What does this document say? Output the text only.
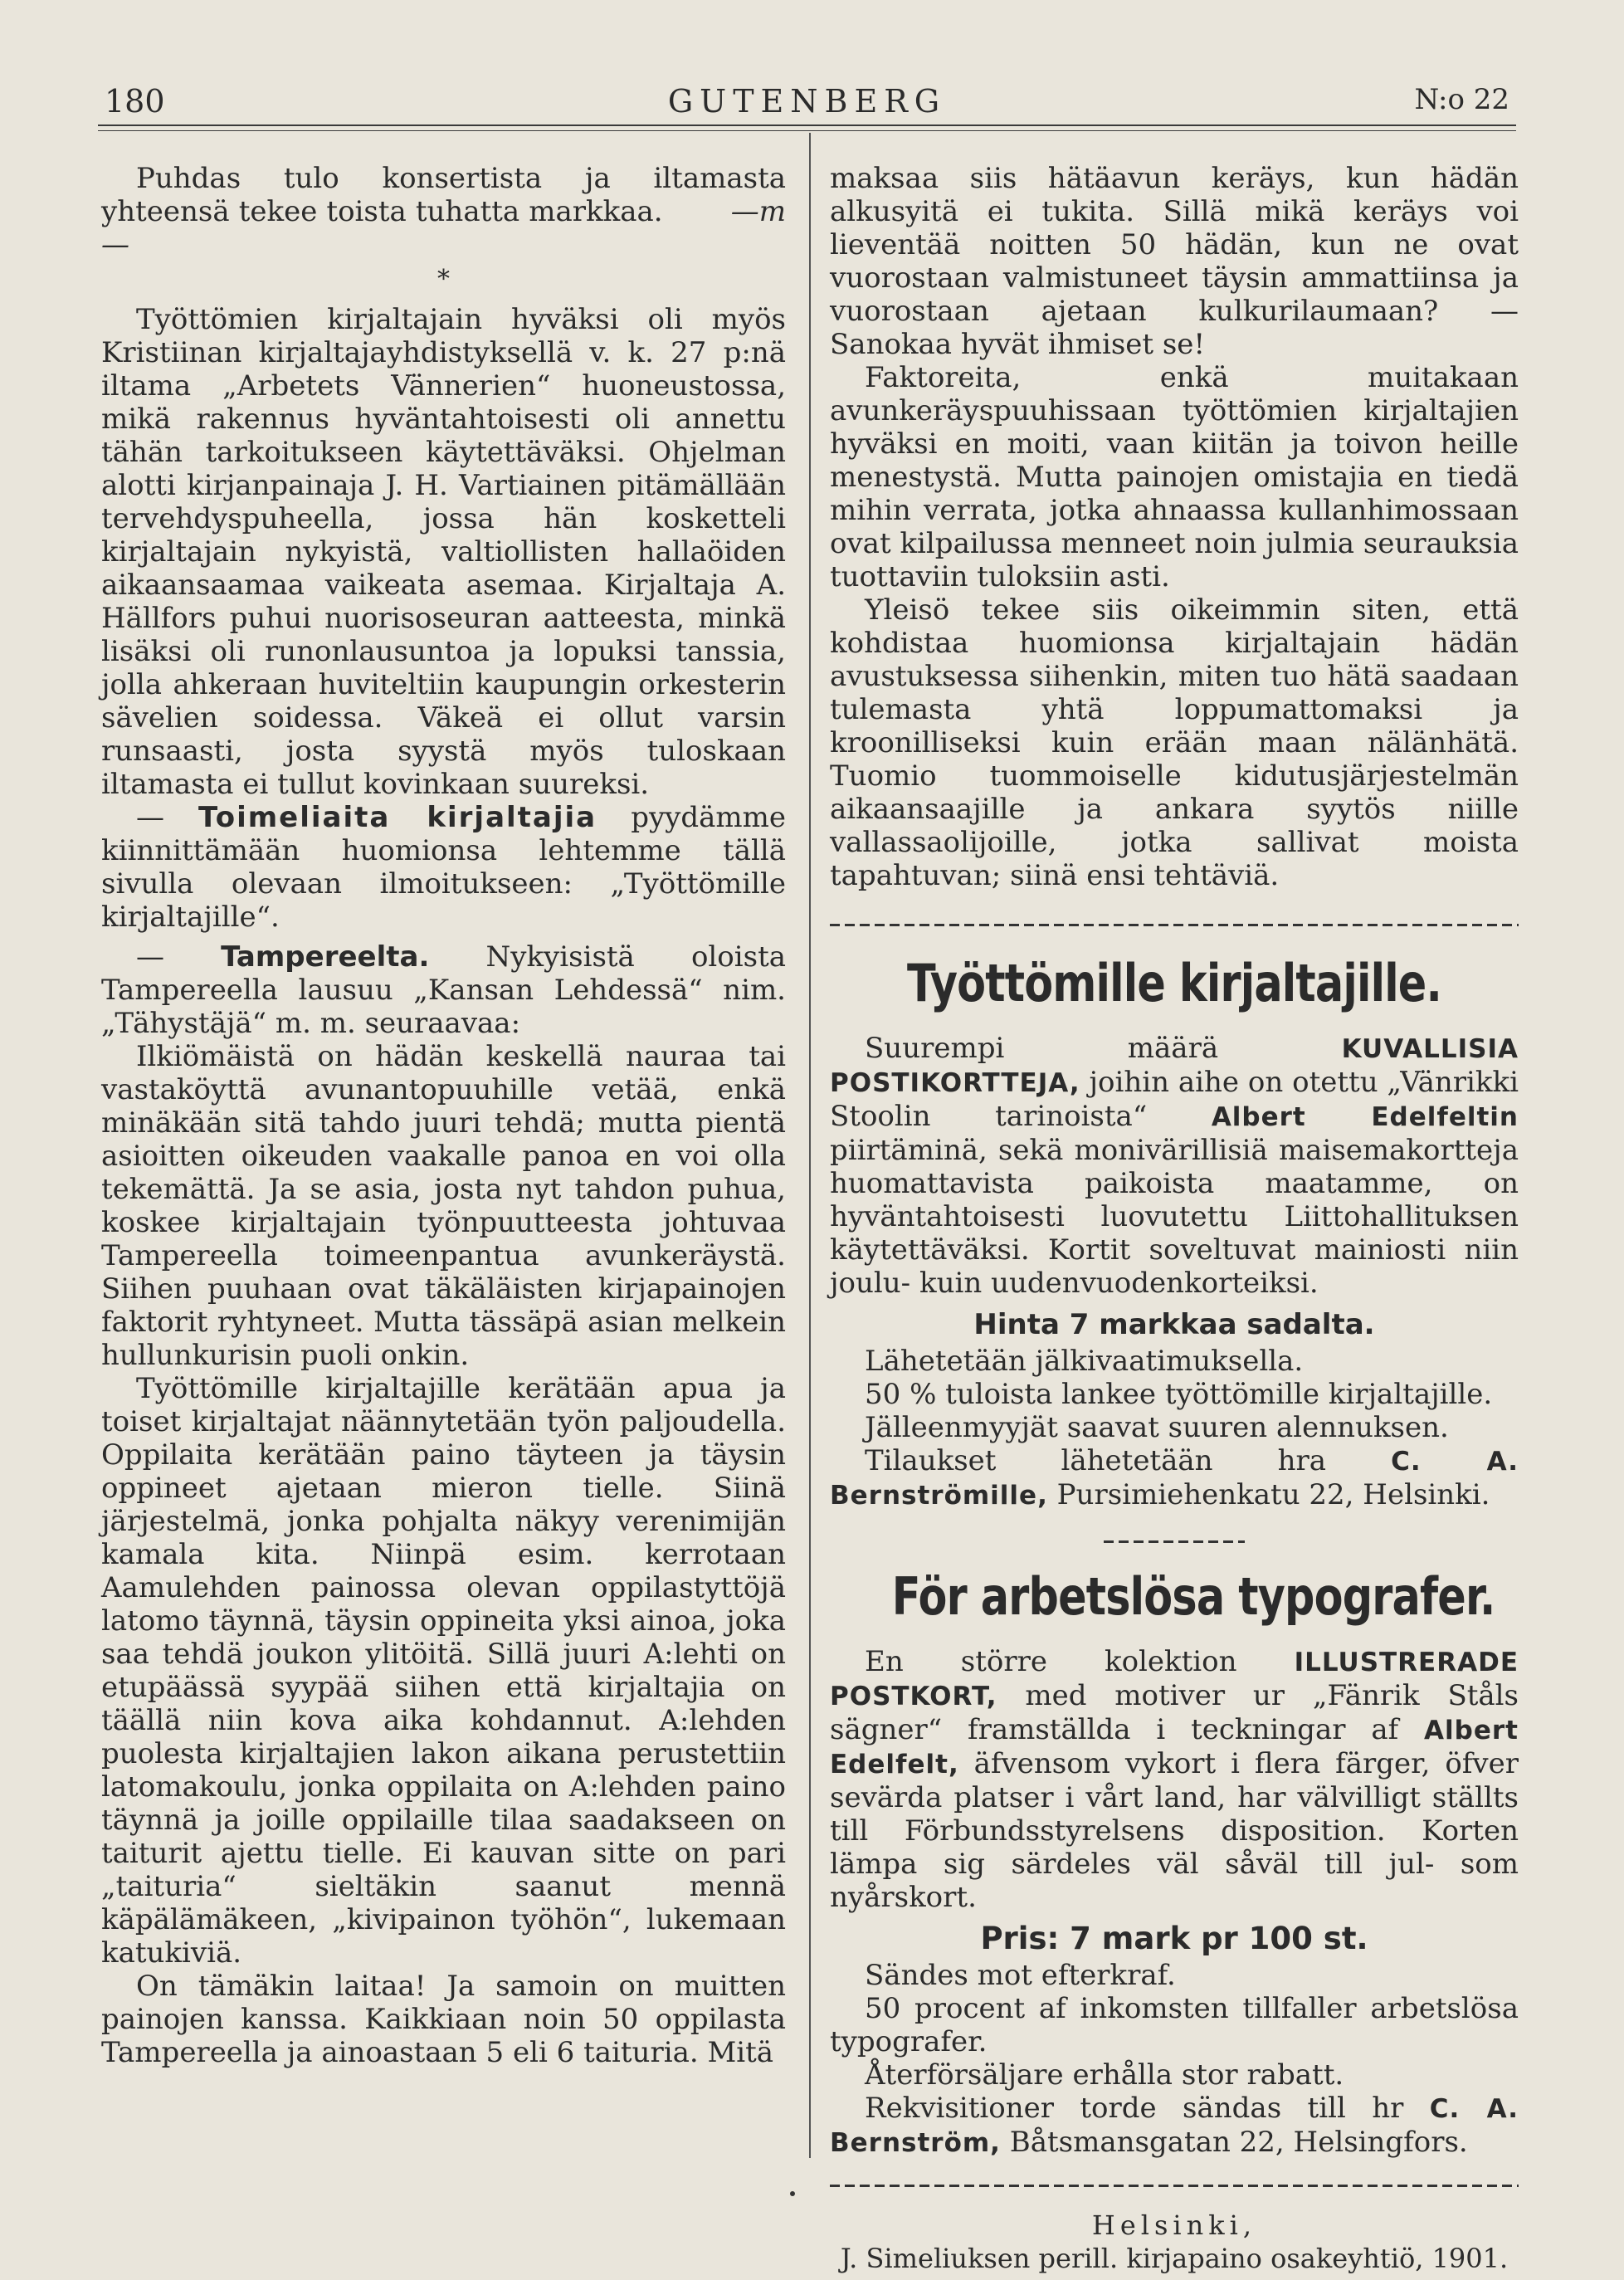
180	GUTENBERG	N:o 22

Puhdas tulo konsertista ja iltamasta yhteensä tekee toista tuhatta markkaa. —m—

*

Työttömien kirjaltajain hyväksi oli myös Kristiinan kirjaltajayhdistyksellä v. k. 27 p:nä iltama „Arbetets Vännerien“ huoneustossa, mikä rakennus hyväntahtoisesti oli annettu tähän tarkoitukseen käytettäväksi. Ohjelman alotti kirjanpainaja J. H. Vartiainen pitämällään tervehdyspuheella, jossa hän kosketteli kirjaltajain nykyistä, valtiollisten hallaöiden aikaansaamaa vaikeata asemaa. Kirjaltaja A. Hällfors puhui nuorisoseuran aatteesta, minkä lisäksi oli runonlausuntoa ja lopuksi tanssia, jolla ahkeraan huviteltiin kaupungin orkesterin sävelien soidessa. Väkeä ei ollut varsin runsaasti, josta syystä myös tuloskaan iltamasta ei tullut kovinkaan suureksi.

— Toimeliaita kirjaltajia pyydämme kiinnittämään huomionsa lehtemme tällä sivulla olevaan ilmoitukseen: „Työttömille kirjaltajille“.

— Tampereelta. Nykyisistä oloista Tampereella lausuu „Kansan Lehdessä“ nim. „Tähystäjä“ m. m. seuraavaa:

Ilkiömäistä on hädän keskellä nauraa tai vastaköyttä avunantopuuhille vetää, enkä minäkään sitä tahdo juuri tehdä; mutta pientä asioitten oikeuden vaakalle panoa en voi olla tekemättä. Ja se asia, josta nyt tahdon puhua, koskee kirjaltajain työnpuutteesta johtuvaa Tampereella toimeenpantua avunkeräystä. Siihen puuhaan ovat täkäläisten kirjapainojen faktorit ryhtyneet. Mutta tässäpä asian melkein hullunkurisin puoli onkin.

Työttömille kirjaltajille kerätään apua ja toiset kirjaltajat näännytetään työn paljoudella. Oppilaita kerätään paino täyteen ja täysin oppineet ajetaan mieron tielle. Siinä järjestelmä, jonka pohjalta näkyy verenimijän kamala kita. Niinpä esim. kerrotaan Aamulehden painossa olevan oppilastyttöjä latomo täynnä, täysin oppineita yksi ainoa, joka saa tehdä joukon ylitöitä. Sillä juuri A:lehti on etupäässä syypää siihen että kirjaltajia on täällä niin kova aika kohdannut. A:lehden puolesta kirjaltajien lakon aikana perustettiin latomakoulu, jonka oppilaita on A:lehden paino täynnä ja joille oppilaille tilaa saadakseen on taiturit ajettu tielle. Ei kauvan sitte on pari „taituria“ sieltäkin saanut mennä käpälämäkeen, „kivipainon työhön“, lukemaan katukiviä.

On tämäkin laitaa! Ja samoin on muitten painojen kanssa. Kaikkiaan noin 50 oppilasta Tampereella ja ainoastaan 5 eli 6 taituria. Mitä

maksaa siis hätäavun keräys, kun hädän alkusyitä ei tukita. Sillä mikä keräys voi lieventää noitten 50 hädän, kun ne ovat vuorostaan valmistuneet täysin ammattiinsa ja vuorostaan ajetaan kulkurilaumaan? — Sanokaa hyvät ihmiset se!

Faktoreita, enkä muitakaan avunkeräyspuuhissaan työttömien kirjaltajien hyväksi en moiti, vaan kiitän ja toivon heille menestystä. Mutta painojen omistajia en tiedä mihin verrata, jotka ahnaassa kullanhimossaan ovat kilpailussa menneet noin julmia seurauksia tuottaviin tuloksiin asti.

Yleisö tekee siis oikeimmin siten, että kohdistaa huomionsa kirjaltajain hädän avustuksessa siihenkin, miten tuo hätä saadaan tulemasta yhtä loppumattomaksi ja kroonilliseksi kuin erään maan nälänhätä. Tuomio tuommoiselle kidutusjärjestelmän aikaansaajille ja ankara syytös niille vallassaolijoille, jotka sallivat moista tapahtuvan; siinä ensi tehtäviä.

Työttömille kirjaltajille.

Suurempi määrä	KUVALLISIA POSTIKORTTEJA, joihin aihe on otettu „Vänrikki Stoolin tarinoista“	Albert Edelfeltin piirtäminä, sekä monivärillisiä maisemakortteja huomattavista paikoista maatamme, on hyväntahtoisesti luovutettu Liittohallituksen käytettäväksi. Kortit soveltuvat mainiosti niin joulu- kuin uudenvuodenkorteiksi.

Hinta 7 markkaa sadalta.

Lähetetään jälkivaatimuksella.

50 % tuloista lankee työttömille kirjaltajille.

Jälleenmyyjät saavat suuren alennuksen.

Tilaukset lähetetään hra	C. A. Bernströmille, Pursimiehenkatu 22, Helsinki.

För arbetslösa typografer.

En större kolektion ILLUSTRERADE POSTKORT, med motiver ur „Fänrik Ståls sägner“ framställda i teckningar af Albert Edelfelt, äfvensom vykort i flera färger, öfver sevärda platser i vårt land, har välvilligt ställts till Förbundsstyrelsens disposition. Korten lämpa sig särdeles väl såväl till jul- som nyårskort.

Pris: 7 mark pr 100 st.

Sändes mot efterkraf.

50 procent af inkomsten tillfaller arbetslösa typografer.

Återförsäljare erhålla stor rabatt.

Rekvisitioner torde sändas till hr C. A. Bernström, Båtsmansgatan 22, Helsingfors.

Helsinki,
J. Simeliuksen perill. kirjapaino osakeyhtiö, 1901.
